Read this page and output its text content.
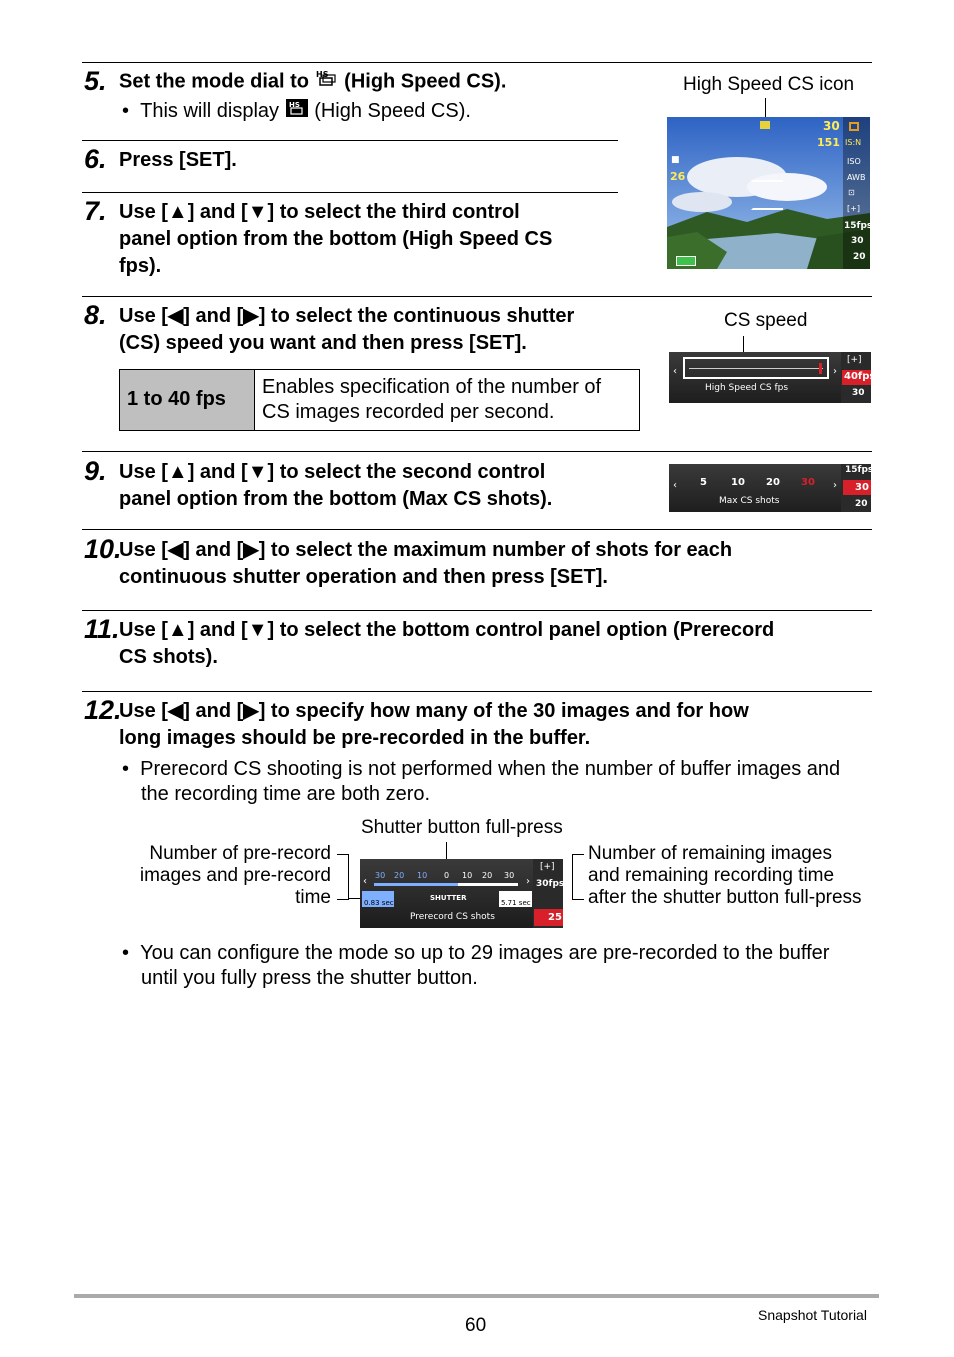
5. Set the mode dial to HS (High Speed CS).
•  This will display HS (High Speed CS).
High Speed CS icon
30
151 IS:N
■
26
ISO
AWB
⊡
[+]
15fps
30
20
6. Press [SET].
7. Use [▲] and [▼] to select the third control
panel option from the bottom (High Speed CS
fps).
8. Use [◀] and [▶] to select the continuous shutter
(CS) speed you want and then press [SET].
1 to 40 fps
Enables specification of the number of
CS images recorded per second.
CS speed
‹	›
High Speed CS fps
[+]
40fps
30
9. Use [▲] and [▼] to select the second control
panel option from the bottom (Max CS shots).
‹ 5 10 20 30 ›
Max CS shots
15fps
30
20
10.
Use [◀] and [▶] to select the maximum number of shots for each
continuous shutter operation and then press [SET].
11. Use [▲] and [▼] to select the bottom control panel option (Prerecord
CS shots).
12.
Use [◀] and [▶] to specify how many of the 30 images and for how
long images should be pre-recorded in the buffer.
•  Prerecord CS shooting is not performed when the number of buffer images and
the recording time are both zero.
Shutter button full-press
Number of pre-record
images and pre-record
time
Number of remaining images
and remaining recording time
after the shutter button full-press
‹
30 20 10 0 10 20 30
›
0.83 sec
SHUTTER
5.71 sec
Prerecord CS shots
[+]
30fps
25
•  You can configure the mode so up to 29 images are pre-recorded to the buffer
until you fully press the shutter button.
60	Snapshot Tutorial
